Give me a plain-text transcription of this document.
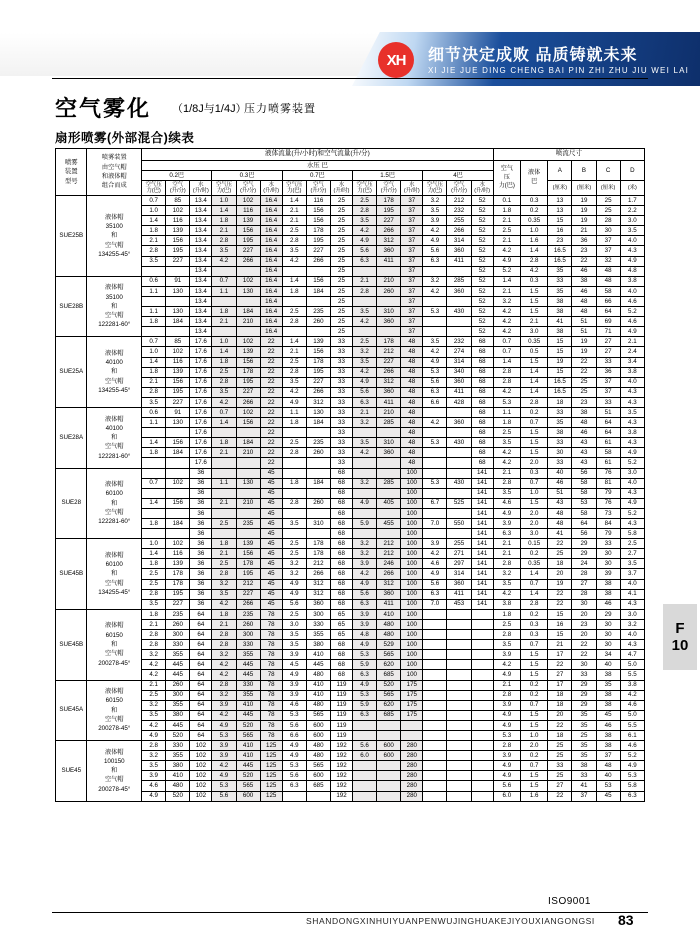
XH	细节决定成败 品质铸就未来
XI JIE JUE DING CHENG BAI PIN ZHI ZHU JIU WEI LAI
空气雾化 （1/8J与1/4J）
压力喷雾装置
扇形喷雾(外部混合)续表
喷雾
装置
型号	喷雾装置
由空气帽
和液体帽
组合而成	液体流量(升/小时)和空气流量(升/分)															喷流尺寸					
		水压 巴															空气
压
力(巴)	液体
巴	A	B	C	D
		0.2巴			0.3巴			0.7巴			1.5巴			4巴								

		空气压
力(巴)	空气
(升/分)	水
(升/时)	空气压
力(巴)	空气
(升/分)	水
(升/时)	空气压
力(巴)	空气
(升/分)	水
(升/时)	空气压
力(巴)	空气
(升/分)	水
(升/时)	空气压
力(巴)	空气
(升/分)	水
(升/时)			(厘米)	(厘米)	(厘米)	(米)
SUE25B	液体帽
35100
和
空气帽
134255-45°	0.7	85	13.4	1.0	102	16.4	1.4	116	25	2.5	178	37	3.2	212	52	0.1	0.3	13	19	25	1.7
		1.0	102	13.4	1.4	116	16.4	2.1	156	25	2.8	195	37	3.5	232	52	1.8	0.2	13	19	25	2.2
		1.4	116	13.4	1.8	139	16.4	2.1	156	25	3.5	227	37	3.9	255	52	2.1	0.35	15	19	28	3.0
		1.8	139	13.4	2.1	156	16.4	2.5	178	25	4.2	266	37	4.2	266	52	2.5	1.0	16	21	30	3.5
		2.1	156	13.4	2.8	195	16.4	2.8	195	25	4.9	312	37	4.9	314	52	2.1	1.6	23	36	37	4.0
		2.8	195	13.4	3.5	227	16.4	3.5	227	25	5.6	360	37	5.6	360	52	4.2	1.4	16.5	23	37	4.3
		3.5	227	13.4	4.2	266	16.4	4.2	266	25	6.3	411	37	6.3	411	52	4.9	2.8	16.5	22	32	4.9
				13.4			16.4			25			37			52	5.2	4.2	35	46	48	4.8
SUE28B	液体帽
35100
和
空气帽
122281-60°	0.6	91	13.4	0.7	102	16.4	1.4	156	25	2.1	210	37	3.2	285	52	1.4	0.3	33	38	48	3.8
		1.1	130	13.4	1.1	130	16.4	1.8	184	25	2.8	260	37	4.2	360	52	2.1	1.5	35	46	58	4.0
				13.4			16.4			25			37			52	3.2	1.5	38	48	66	4.6
		1.1	130	13.4	1.8	184	16.4	2.5	235	25	3.5	310	37	5.3	430	52	4.2	1.5	38	48	64	5.2
		1.8	184	13.4	2.1	210	16.4	2.8	260	25	4.2	360	37			52	4.2	2.1	41	51	69	4.6
				13.4			16.4			25			37			52	4.2	3.0	38	51	71	4.9
SUE25A	液体帽
40100
和
空气帽
134255-45°	0.7	85	17.6	1.0	102	22	1.4	139	33	2.5	178	48	3.5	232	68	0.7	0.35	15	19	27	2.1
		1.0	102	17.6	1.4	139	22	2.1	156	33	3.2	212	48	4.2	274	68	0.7	0.5	15	19	27	2.4
		1.4	116	17.6	1.8	156	22	2.5	178	33	3.5	227	48	4.9	314	68	1.4	1.5	19	22	33	3.4
		1.8	139	17.6	2.5	178	22	2.8	195	33	4.2	266	48	5.3	340	68	2.8	1.4	15	22	36	3.8
		2.1	156	17.6	2.8	195	22	3.5	227	33	4.9	312	48	5.6	360	68	2.8	1.4	16.5	25	37	4.0
		2.8	195	17.6	3.5	227	22	4.2	266	33	5.6	360	48	6.3	411	68	4.2	1.4	16.5	25	37	4.3
		3.5	227	17.6	4.2	266	22	4.9	312	33	6.3	411	48	6.6	428	68	5.3	2.8	18	23	33	4.3
SUE28A	液体帽
40100
和
空气帽
122281-60°	0.6	91	17.6	0.7	102	22	1.1	130	33	2.1	210	48			68	1.1	0.2	33	38	51	3.5
		1.1	130	17.6	1.4	156	22	1.8	184	33	3.2	285	48	4.2	360	68	1.8	0.7	35	48	64	4.3
				17.6			22			33			48			68	2.5	1.5	38	46	64	3.8
		1.4	156	17.6	1.8	184	22	2.5	235	33	3.5	310	48	5.3	430	68	3.5	1.5	33	43	61	4.3
		1.8	184	17.6	2.1	210	22	2.8	260	33	4.2	360	48			68	4.2	1.5	30	43	58	4.9
				17.6			22			33			48			68	4.2	2.0	33	43	61	5.2
SUE28	液体帽
60100
和
空气帽
122281-60°			36			45			68			100			141	2.1	0.3	40	56	76	3.0
		0.7	102	36	1.1	130	45	1.8	184	68	3.2	285	100	5.3	430	141	2.8	0.7	46	58	81	4.0
				36			45			68			100			141	3.5	1.0	51	58	79	4.3
		1.4	156	36	2.1	210	45	2.8	260	68	4.9	405	100	6.7	525	141	4.6	1.5	43	53	76	4.9
				36			45			68			100			141	4.9	2.0	48	58	73	5.2
		1.8	184	36	2.5	235	45	3.5	310	68	5.9	455	100	7.0	550	141	3.9	2.0	48	64	84	4.3
				36			45			68			100			141	6.3	3.0	41	56	79	5.8
SUE45B	液体帽
60100
和
空气帽
134255-45°	1.0	102	36	1.8	139	45	2.5	178	68	3.2	212	100	3.9	255	141	2.1	0.15	22	29	33	2.5
		1.4	116	36	2.1	156	45	2.5	178	68	3.2	212	100	4.2	271	141	2.1	0.2	25	29	30	2.7
		1.8	139	36	2.5	178	45	3.2	212	68	3.9	246	100	4.6	297	141	2.8	0.35	18	24	30	3.5
		2.5	178	36	2.8	195	45	3.2	266	68	4.2	266	100	4.9	314	141	3.2	1.4	20	28	39	3.7
		2.5	178	36	3.2	212	45	4.9	312	68	4.9	312	100	5.6	360	141	3.5	0.7	19	27	38	4.0
		2.8	195	36	3.5	227	45	4.9	312	68	5.6	360	100	6.3	411	141	4.2	1.4	22	28	38	4.1
		3.5	227	36	4.2	266	45	5.6	360	68	6.3	411	100	7.0	453	141	3.8	2.8	22	30	46	4.3
SUE45B	液体帽
60150
和
空气帽
200278-45°	1.8	235	64	1.8	235	78	2.5	300	65	3.9	410	100				1.8	0.2	15	20	29	3.0
		2.1	260	64	2.1	260	78	3.0	330	65	3.9	480	100				2.5	0.3	16	23	30	3.2
		2.8	300	64	2.8	300	78	3.5	355	65	4.8	480	100				2.8	0.3	15	20	30	4.0
		2.8	330	64	2.8	330	78	3.5	380	68	4.9	529	100				3.5	0.7	21	22	30	4.3
		3.2	355	64	3.2	355	78	3.9	410	68	5.3	565	100				3.9	1.5	17	22	34	4.7
		4.2	445	64	4.2	445	78	4.5	445	68	5.9	620	100				4.2	1.5	22	30	40	5.0
		4.2	445	64	4.2	445	78	4.9	480	68	6.3	685	100				4.9	1.5	27	33	38	5.5
SUE45A	液体帽
60150
和
空气帽
200278-45°	2.1	260	64	2.8	330	78	3.9	410	119	4.9	520	175				2.1	0.2	17	29	35	3.8
		2.5	300	64	3.2	355	78	3.9	410	119	5.3	565	175				2.8	0.2	18	29	38	4.2
		3.2	355	64	3.9	410	78	4.6	480	119	5.9	620	175				3.9	0.7	18	29	38	4.6
		3.5	380	64	4.2	445	78	5.3	565	119	6.3	685	175				4.9	1.5	20	35	45	5.0
		4.2	445	64	4.9	520	78	5.6	600	119							4.9	1.5	22	35	46	5.5
		4.9	520	64	5.3	565	78	6.6	600	119							5.3	1.0	18	25	38	6.1
SUE45	液体帽
100150
和
空气帽
200278-45°	2.8	330	102	3.9	410	125	4.9	480	192	5.6	600	280				2.8	2.0	25	35	38	4.6
		3.2	355	102	3.9	410	125	4.9	480	192	6.0	600	280				3.9	0.2	25	35	37	5.2
		3.5	380	102	4.2	445	125	5.3	565	192			280				4.9	0.7	33	38	48	4.9
		3.9	410	102	4.9	520	125	5.6	600	192			280				4.9	1.5	25	33	40	5.3
		4.6	480	102	5.3	565	125	6.3	685	192			280				5.6	1.5	27	41	53	5.8
		4.9	520	102	5.6	600	125			192			280				6.0	1.6	22	37	45	6.3
F
10
ISO9001
SHANDONGXINHUIYUANPENWUJINGHUAKEJIYOUXIANGONGSI 83
